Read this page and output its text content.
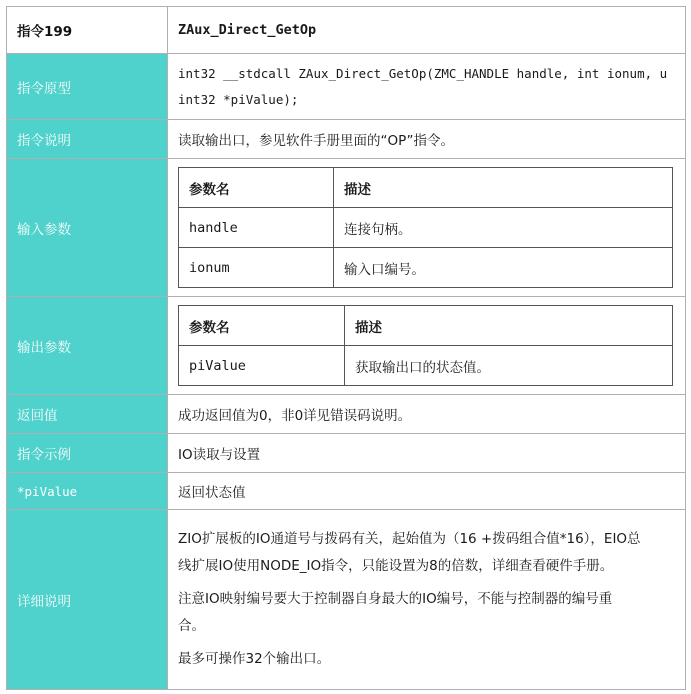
指令199	ZAux_Direct_GetOp
指令原型	
int32 __stdcall ZAux_Direct_GetOp(ZMC_HANDLE handle, int ionum, u
int32 *piValue);

指令说明	读取输出口，参见软件手册里面的“OP”指令。
输入参数	
参数名	描述
handle	连接句柄。
ionum	输入口编号。

输出参数	
参数名	描述
piValue	获取输出口的状态值。

返回值	成功返回值为0，非0详见错误码说明。
指令示例	IO读取与设置
*piValue	返回状态值
详细说明	
ZIO扩展板的IO通道号与拨码有关，起始值为（16 +拨码组合值*16），EIO总
线扩展IO使用NODE_IO指令，只能设置为8的倍数，详细查看硬件手册。
注意IO映射编号要大于控制器自身最大的IO编号，不能与控制器的编号重
合。
最多可操作32个输出口。
